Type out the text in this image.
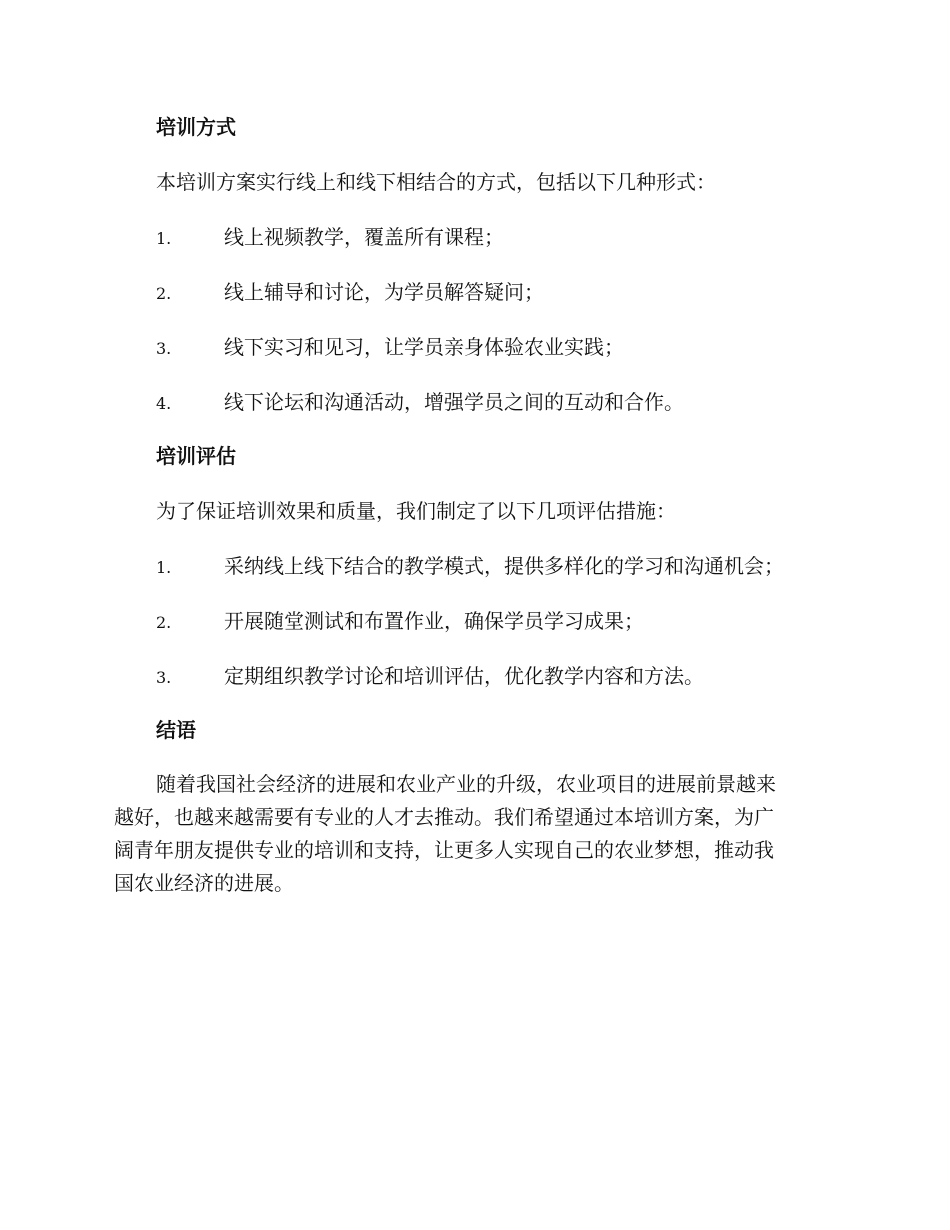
培训方式
本培训方案实行线上和线下相结合的方式，包括以下几种形式：
1.	线上视频教学，覆盖所有课程；
2.	线上辅导和讨论，为学员解答疑问；
3.	线下实习和见习，让学员亲身体验农业实践；
4.	线下论坛和沟通活动，增强学员之间的互动和合作。
培训评估
为了保证培训效果和质量，我们制定了以下几项评估措施：
1.	采纳线上线下结合的教学模式，提供多样化的学习和沟通机会；
2.	开展随堂测试和布置作业，确保学员学习成果；
3.	定期组织教学讨论和培训评估，优化教学内容和方法。
结语
随着我国社会经济的进展和农业产业的升级，农业项目的进展前景越来
越好，也越来越需要有专业的人才去推动。我们希望通过本培训方案，为广
阔青年朋友提供专业的培训和支持，让更多人实现自己的农业梦想，推动我
国农业经济的进展。
